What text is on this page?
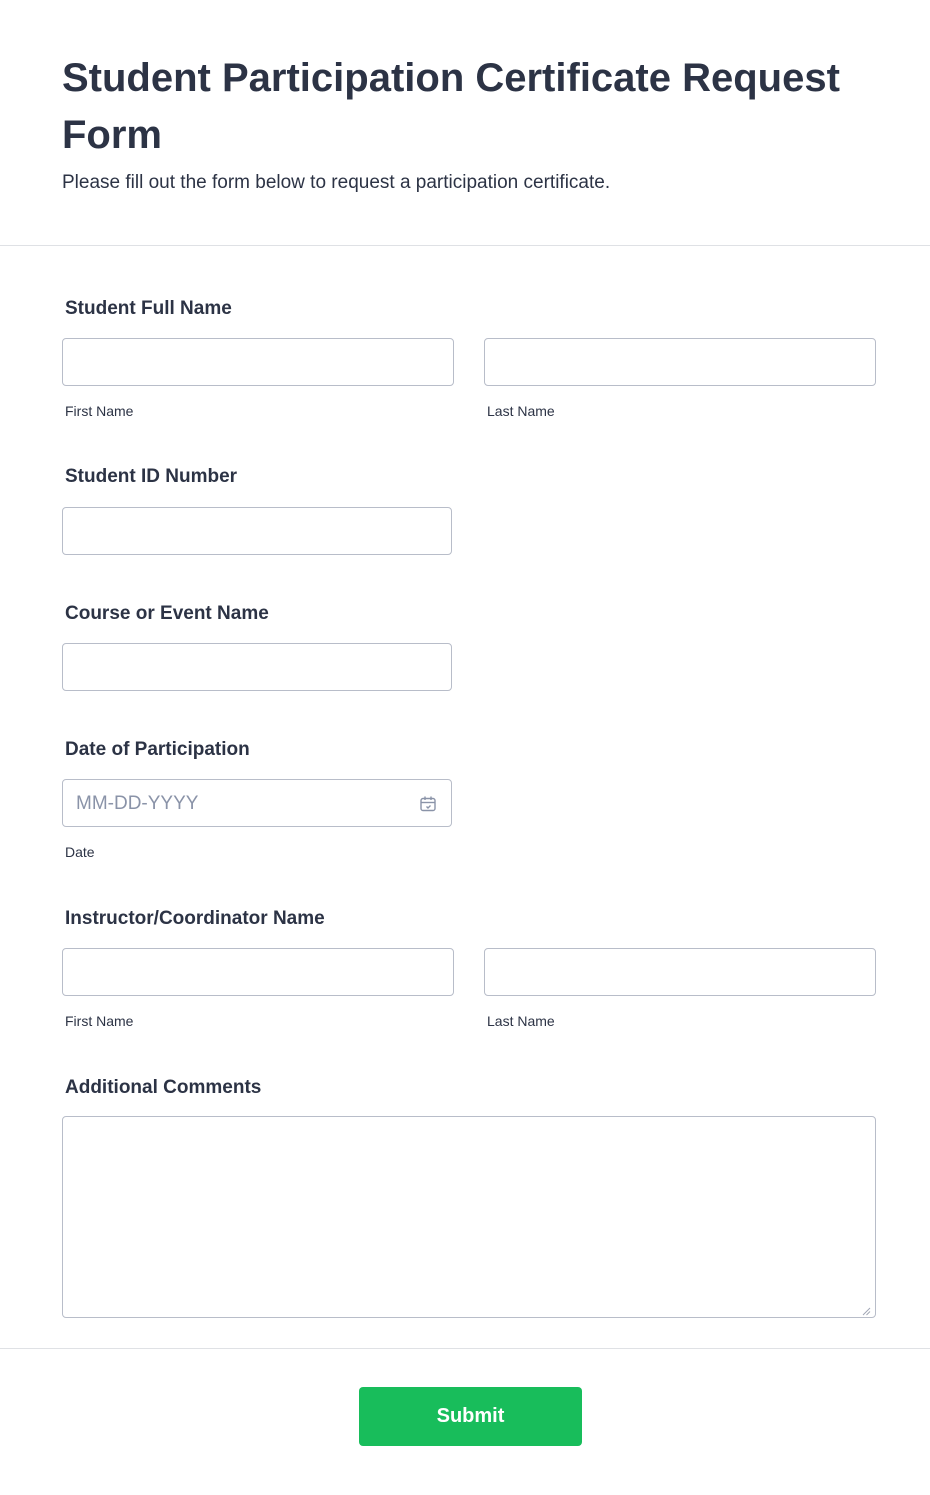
Student Participation Certificate Request Form
Please fill out the form below to request a participation certificate.
Student Full Name
First Name	Last Name
Student ID Number
Course or Event Name
Date of Participation
MM-DD-YYYY
Date
Instructor/Coordinator Name
First Name	Last Name
Additional Comments
Submit
